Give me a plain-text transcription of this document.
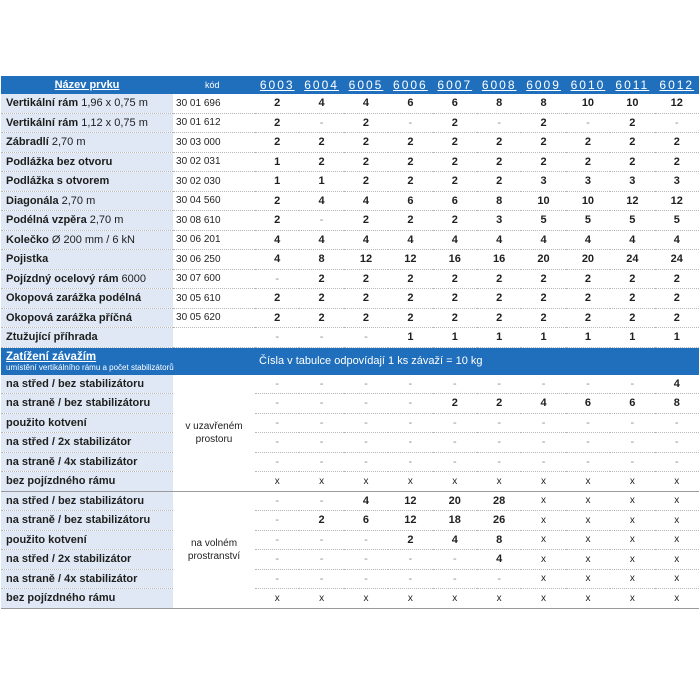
Název prvku	kód	6003	6004	6005	6006	6007	6008	6009	6010	6011	6012
Vertikální rám 1,96 x 0,75 m	30 01 696	2	4	4	6	6	8	8	10	10	12
Vertikální rám 1,12 x 0,75 m	30 01 612	2	-	2	-	2	-	2	-	2	-
Zábradlí 2,70 m	30 03 000	2	2	2	2	2	2	2	2	2	2
Podlážka bez otvoru	30 02 031	1	2	2	2	2	2	2	2	2	2
Podlážka s otvorem	30 02 030	1	1	2	2	2	2	3	3	3	3
Diagonála 2,70 m	30 04 560	2	4	4	6	6	8	10	10	12	12
Podélná vzpěra 2,70 m	30 08 610	2	-	2	2	2	3	5	5	5	5
Kolečko Ø 200 mm / 6 kN	30 06 201	4	4	4	4	4	4	4	4	4	4
Pojistka	30 06 250	4	8	12	12	16	16	20	20	24	24
Pojízdný ocelový rám 6000	30 07 600	-	2	2	2	2	2	2	2	2	2
Okopová zarážka podélná	30 05 610	2	2	2	2	2	2	2	2	2	2
Okopová zarážka příčná	30 05 620	2	2	2	2	2	2	2	2	2	2
Ztužující příhrada		-	-	-	1	1	1	1	1	1	1

Zatížení závažím
umístění vertikálního rámu a počet stabilizátorů		Čísla v tabulce odpovídají 1 ks závaží = 10 kg									
na střed / bez stabilizátoru	v uzavřeném prostoru	-	-	-	-	-	-	-	-	-	4
na straně / bez stabilizátoru		-	-	-	-	2	2	4	6	6	8
použito kotvení		-	-	-	-	-	-	-	-	-	-
na střed / 2x stabilizátor		-	-	-	-	-	-	-	-	-	-
na straně / 4x stabilizátor		-	-	-	-	-	-	-	-	-	-
bez pojízdného rámu		x	x	x	x	x	x	x	x	x	x
na střed / bez stabilizátoru	na volném prostranství	-	-	4	12	20	28	x	x	x	x
na straně / bez stabilizátoru		-	2	6	12	18	26	x	x	x	x
použito kotvení		-	-	-	2	4	8	x	x	x	x
na střed / 2x stabilizátor		-	-	-	-	-	4	x	x	x	x
na straně / 4x stabilizátor		-	-	-	-	-	-	x	x	x	x
bez pojízdného rámu		x	x	x	x	x	x	x	x	x	x
